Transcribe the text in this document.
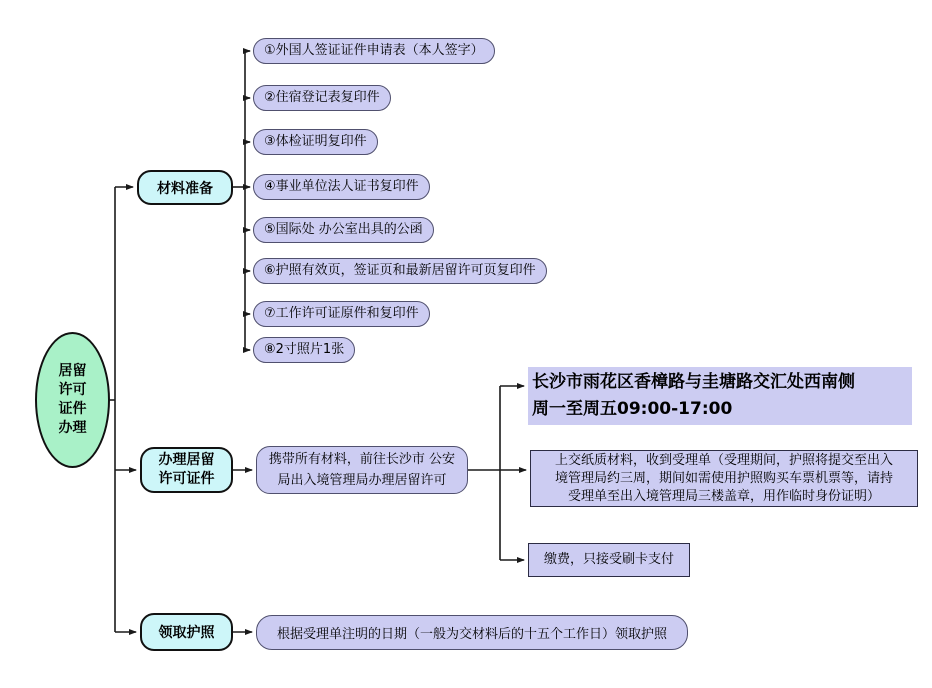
居留
许可
证件
办理
材料准备
①外国人签证证件申请表（本人签字）
②住宿登记表复印件
③体检证明复印件
④事业单位法人证书复印件
⑤国际处 办公室出具的公函
⑥护照有效页，签证页和最新居留许可页复印件
⑦工作许可证原件和复印件
⑧2寸照片1张
办理居留
许可证件
携带所有材料，前往长沙市 公安
局出入境管理局办理居留许可
长沙市雨花区香樟路与圭塘路交汇处西南侧
周一至周五09:00-17:00
上交纸质材料，收到受理单（受理期间，护照将提交至出入
境管理局约三周，期间如需使用护照购买车票机票等，请持
受理单至出入境管理局三楼盖章，用作临时身份证明）
缴费，只接受刷卡支付
领取护照	根据受理单注明的日期（一般为交材料后的十五个工作日）领取护照
